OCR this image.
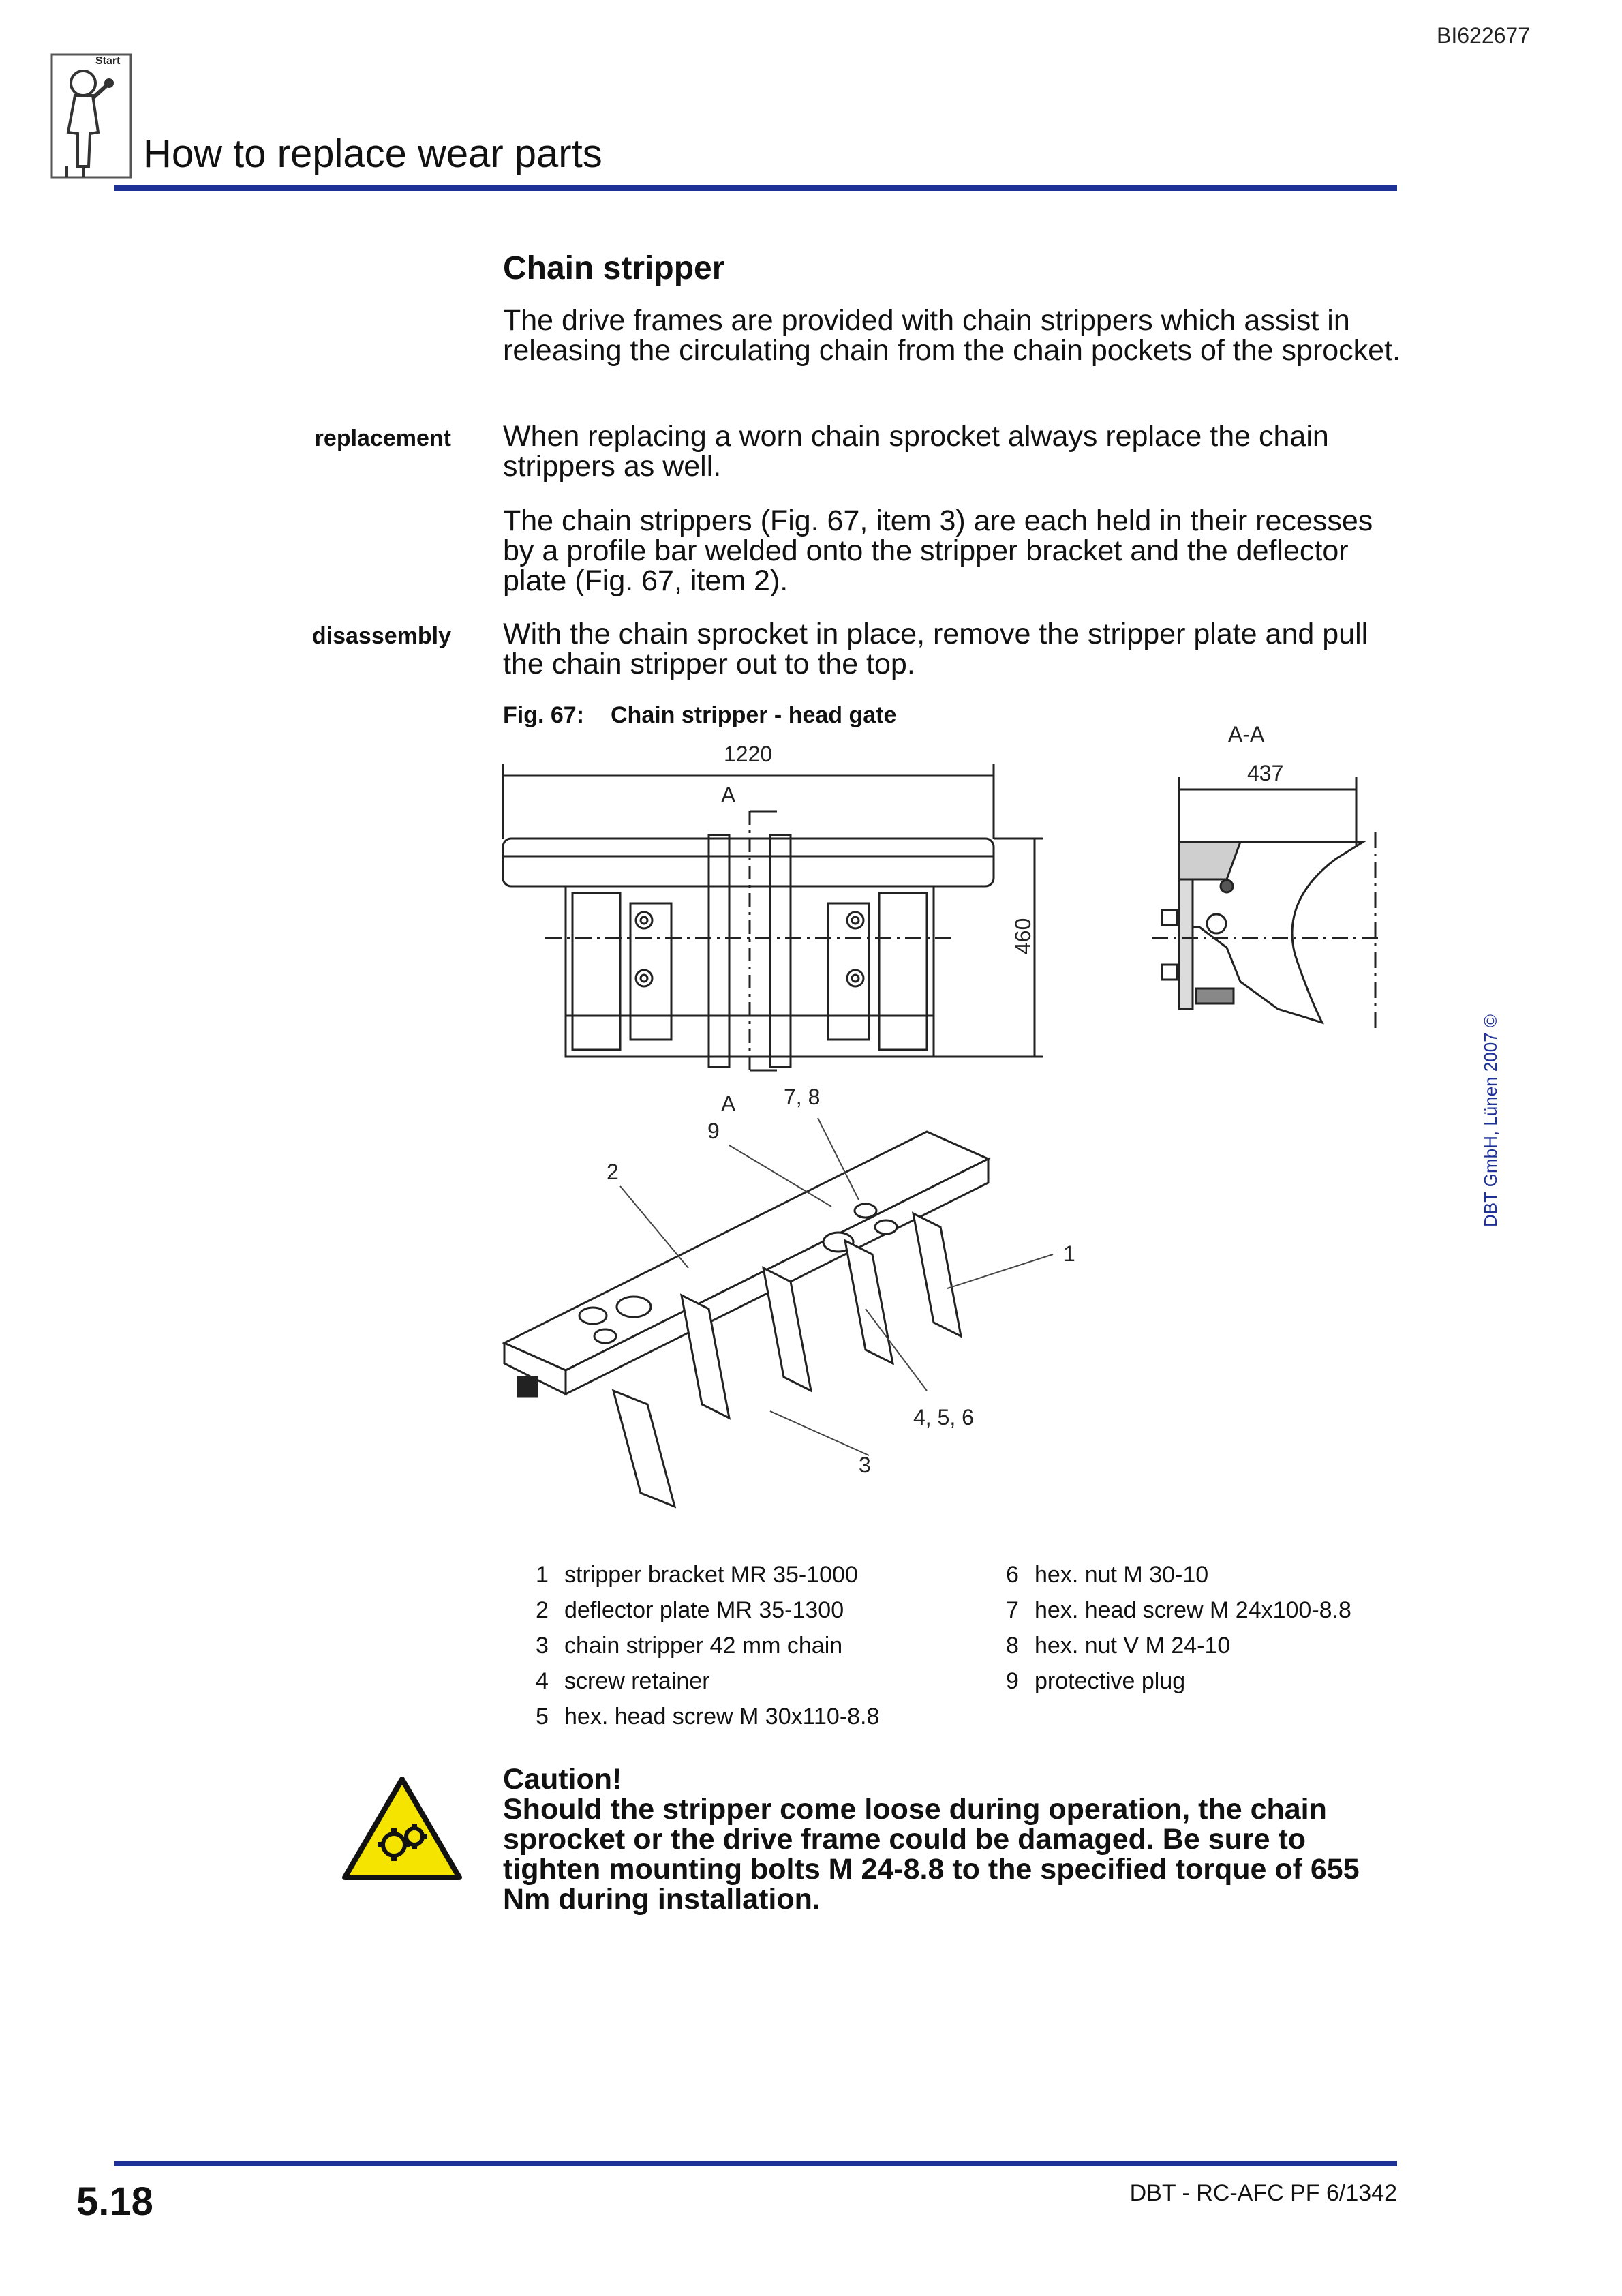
BI622677
Start
How to replace wear parts
Chain stripper
The drive frames are provided with chain strippers which assist in releasing the circulating chain from the chain pockets of the sprocket.
replacement When replacing a worn chain sprocket always replace the chain strippers as well.
The chain strippers (Fig. 67, item 3) are each held in their recesses by a profile bar welded onto the stripper bracket and the deflector plate (Fig. 67, item 2).
disassembly With the chain sprocket in place, remove the stripper plate and pull the chain stripper out to the top.
Fig. 67: Chain stripper - head gate
1220
A
A
460
A-A
437
2
9
7, 8
1
4, 5, 6
3
1 stripper bracket MR 35-1000
2 deflector plate MR 35-1300
3 chain stripper 42 mm chain
4 screw retainer
5 hex. head screw M 30x110-8.8
6 hex. nut M 30-10
7 hex. head screw M 24x100-8.8
8 hex. nut V M 24-10
9 protective plug
Caution!
Should the stripper come loose during operation, the chain sprocket or the drive frame could be damaged. Be sure to tighten mounting bolts M 24-8.8 to the specified torque of 655 Nm during installation.
DBT GmbH, Lünen 2007 ©
5.18	DBT - RC-AFC PF 6/1342
